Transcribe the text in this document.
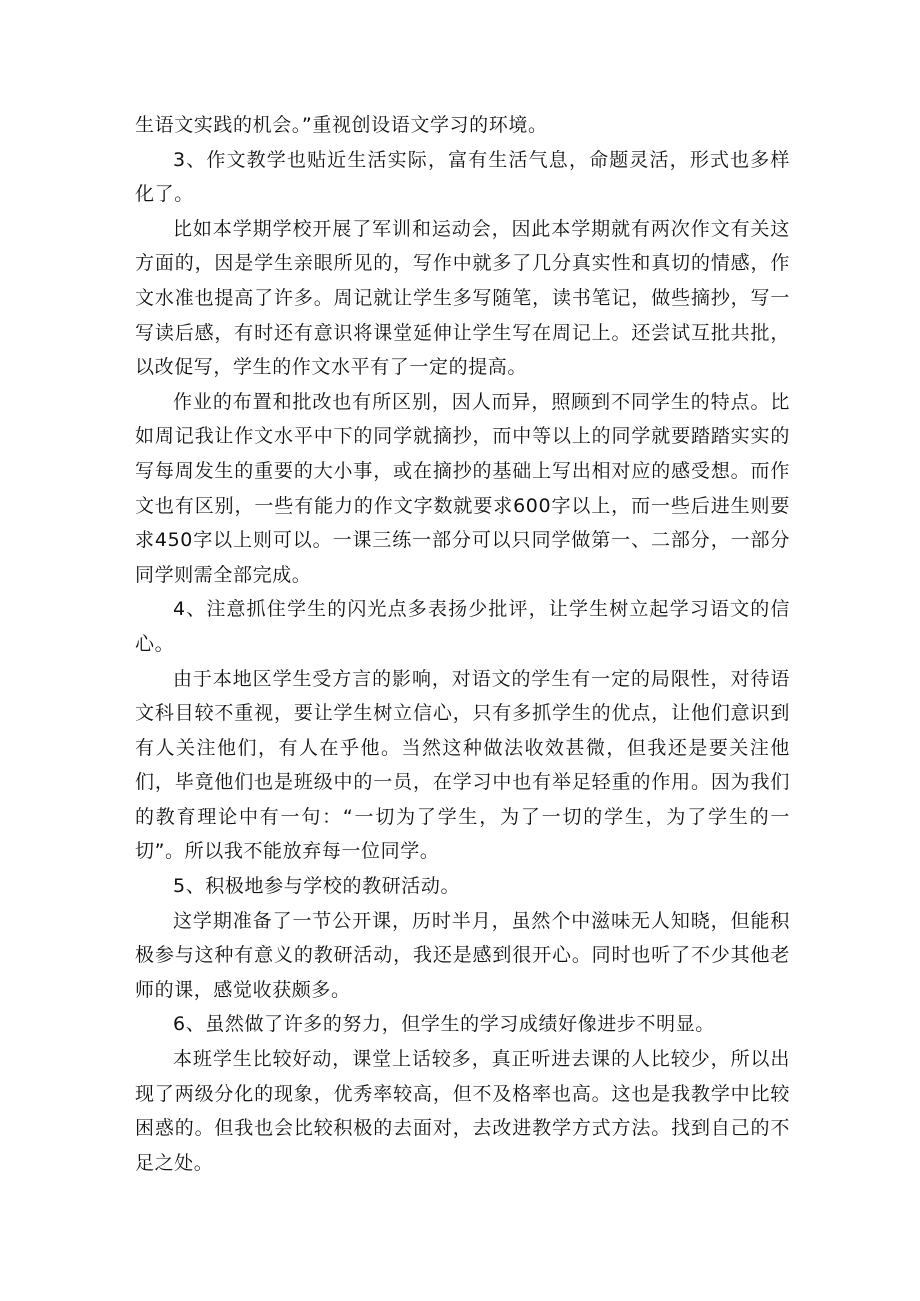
生语文实践的机会。”重视创设语文学习的环境。

3、作文教学也贴近生活实际，富有生活气息，命题灵活，形式也多样化了。

比如本学期学校开展了军训和运动会，因此本学期就有两次作文有关这方面的，因是学生亲眼所见的，写作中就多了几分真实性和真切的情感，作文水准也提高了许多。周记就让学生多写随笔，读书笔记，做些摘抄，写一写读后感，有时还有意识将课堂延伸让学生写在周记上。还尝试互批共批，以改促写，学生的作文水平有了一定的提高。

作业的布置和批改也有所区别，因人而异，照顾到不同学生的特点。比如周记我让作文水平中下的同学就摘抄，而中等以上的同学就要踏踏实实的写每周发生的重要的大小事，或在摘抄的基础上写出相对应的感受想。而作文也有区别，一些有能力的作文字数就要求600字以上，而一些后进生则要求450字以上则可以。一课三练一部分可以只同学做第一、二部分，一部分同学则需全部完成。

4、注意抓住学生的闪光点多表扬少批评，让学生树立起学习语文的信心。

由于本地区学生受方言的影响，对语文的学生有一定的局限性，对待语文科目较不重视，要让学生树立信心，只有多抓学生的优点，让他们意识到有人关注他们，有人在乎他。当然这种做法收效甚微，但我还是要关注他们，毕竟他们也是班级中的一员，在学习中也有举足轻重的作用。因为我们的教育理论中有一句：“一切为了学生，为了一切的学生，为了学生的一切”。所以我不能放弃每一位同学。

5、积极地参与学校的教研活动。

这学期准备了一节公开课，历时半月，虽然个中滋味无人知晓，但能积极参与这种有意义的教研活动，我还是感到很开心。同时也听了不少其他老师的课，感觉收获颇多。

6、虽然做了许多的努力，但学生的学习成绩好像进步不明显。

本班学生比较好动，课堂上话较多，真正听进去课的人比较少，所以出现了两级分化的现象，优秀率较高，但不及格率也高。这也是我教学中比较困惑的。但我也会比较积极的去面对，去改进教学方式方法。找到自己的不足之处。
